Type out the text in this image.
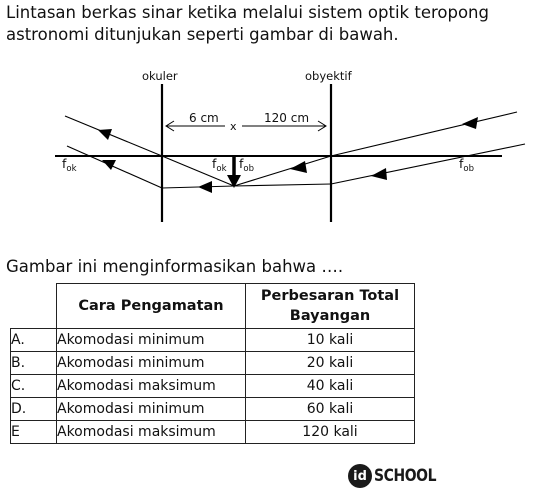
Lintasan berkas sinar ketika melalui sistem optik teropong
astronomi ditunjukan seperti gambar di bawah.

okuler	obyektif
6 cm	120 cm
x
$f_{ok}$	$f_{ok}$ $f_{ob}$	$f_{ob}$

Gambar ini menginformasikan bahwa ….

	Cara Pengamatan	Perbesaran Total Bayangan
A.	Akomodasi minimum	10 kali
B.	Akomodasi minimum	20 kali
C.	Akomodasi maksimum	40 kali
D.	Akomodasi minimum	60 kali
E	Akomodasi maksimum	120 kali
id SCHOOL
